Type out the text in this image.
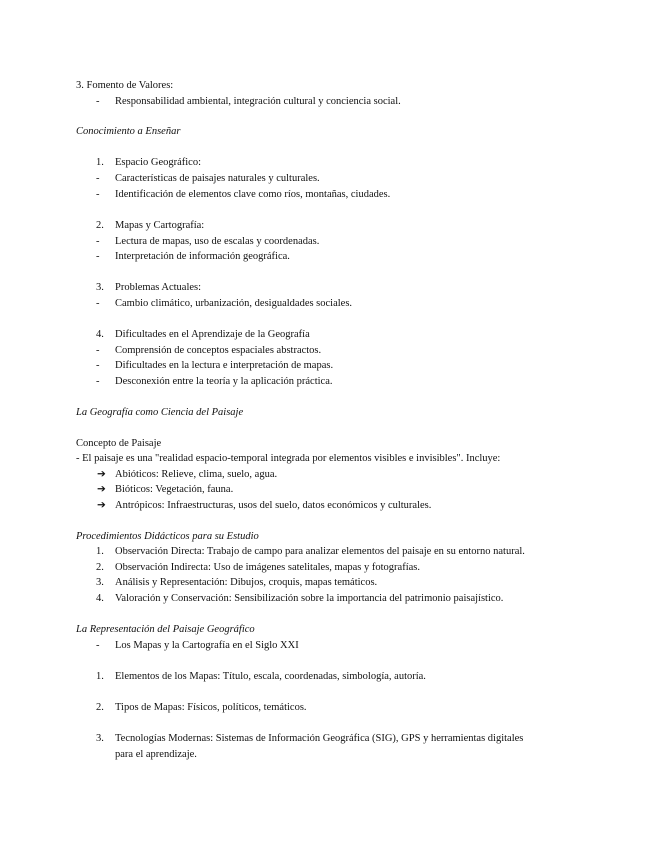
3. Fomento de Valores:
- Responsabilidad ambiental, integración cultural y conciencia social.
Conocimiento a Enseñar
1. Espacio Geográfico:
- Características de paisajes naturales y culturales.
- Identificación de elementos clave como ríos, montañas, ciudades.
2. Mapas y Cartografía:
- Lectura de mapas, uso de escalas y coordenadas.
- Interpretación de información geográfica.
3. Problemas Actuales:
- Cambio climático, urbanización, desigualdades sociales.
4. Dificultades en el Aprendizaje de la Geografía
- Comprensión de conceptos espaciales abstractos.
- Dificultades en la lectura e interpretación de mapas.
- Desconexión entre la teoría y la aplicación práctica.
La Geografía como Ciencia del Paisaje
Concepto de Paisaje
- El paisaje es una "realidad espacio-temporal integrada por elementos visibles e invisibles". Incluye:
➔ Abióticos: Relieve, clima, suelo, agua.
➔ Bióticos: Vegetación, fauna.
➔ Antrópicos: Infraestructuras, usos del suelo, datos económicos y culturales.
Procedimientos Didácticos para su Estudio
1. Observación Directa: Trabajo de campo para analizar elementos del paisaje en su entorno natural.
2. Observación Indirecta: Uso de imágenes satelitales, mapas y fotografías.
3. Análisis y Representación: Dibujos, croquis, mapas temáticos.
4. Valoración y Conservación: Sensibilización sobre la importancia del patrimonio paisajístico.
La Representación del Paisaje Geográfico
- Los Mapas y la Cartografía en el Siglo XXI
1. Elementos de los Mapas: Título, escala, coordenadas, simbología, autoría.
2. Tipos de Mapas: Físicos, políticos, temáticos.
3. Tecnologías Modernas: Sistemas de Información Geográfica (SIG), GPS y herramientas digitales
para el aprendizaje.
